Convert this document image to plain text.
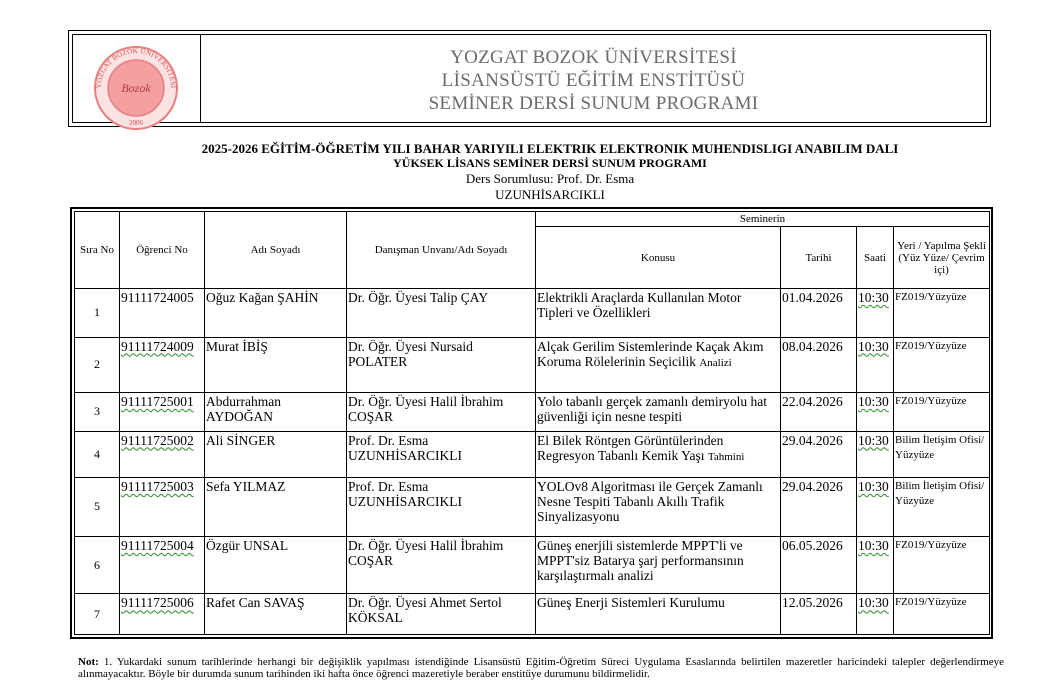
YOZGAT BOZOK ÜNİVERSİTESİ
Bozok
2006
YOZGAT BOZOK ÜNİVERSİTESİ
LİSANSÜSTÜ EĞİTİM ENSTİTÜSÜ
SEMİNER DERSİ SUNUM PROGRAMI
2025-2026 EĞİTİM-ÖĞRETİM YILI BAHAR YARIYILI ELEKTRIK ELEKTRONIK MUHENDISLIGI ANABILIM DALI
YÜKSEK LİSANS SEMİNER DERSİ SUNUM PROGRAMI
Ders Sorumlusu: Prof. Dr. Esma
UZUNHİSARCIKLI
Sıra No	Öğrenci No	Adı Soyadı	Danışman Unvanı/Adı Soyadı	Seminerin			
				Konusu	Tarihi	Saati	Yeri / Yapılma Şekli (Yüz Yüze/ Çevrim içi)
1	91111724005	Oğuz Kağan ŞAHİN	Dr. Öğr. Üyesi Talip ÇAY	Elektrikli Araçlarda Kullanılan Motor Tipleri ve Özellikleri	01.04.2026	10:30	FZ019/Yüzyüze
2	91111724009	Murat İBİŞ	Dr. Öğr. Üyesi Nursaid POLATER	Alçak Gerilim Sistemlerinde Kaçak Akım Koruma Rölelerinin Seçicilik Analizi	08.04.2026	10:30	FZ019/Yüzyüze
3	91111725001	Abdurrahman AYDOĞAN	Dr. Öğr. Üyesi Halil İbrahim COŞAR	Yolo tabanlı gerçek zamanlı demiryolu hat güvenliği için nesne tespiti	22.04.2026	10:30	FZ019/Yüzyüze
4	91111725002	Ali SİNGER	Prof. Dr. Esma UZUNHİSARCIKLI	El Bilek Röntgen Görüntülerinden Regresyon Tabanlı Kemik Yaşı Tahmini	29.04.2026	10:30	Bilim İletişim Ofisi/ Yüzyüze
5	91111725003	Sefa YILMAZ	Prof. Dr. Esma UZUNHİSARCIKLI	YOLOv8 Algoritması ile Gerçek Zamanlı Nesne Tespiti Tabanlı Akıllı Trafik Sinyalizasyonu	29.04.2026	10:30	Bilim İletişim Ofisi/ Yüzyüze
6	91111725004	Özgür UNSAL	Dr. Öğr. Üyesi Halil İbrahim COŞAR	Güneş enerjili sistemlerde MPPT'li ve MPPT'siz Batarya şarj performansının karşılaştırmalı analizi	06.05.2026	10:30	FZ019/Yüzyüze
7	91111725006	Rafet Can SAVAŞ	Dr. Öğr. Üyesi Ahmet Sertol KÖKSAL	Güneş Enerji Sistemleri Kurulumu	12.05.2026	10:30	FZ019/Yüzyüze
Not: 1. Yukardaki sunum tarihlerinde herhangi bir değişiklik yapılması istendiğinde Lisansüstü Eğitim-Öğretim Süreci Uygulama Esaslarında belirtilen mazeretler haricindeki talepler değerlendirmeye alınmayacaktır. Böyle bir durumda sunum tarihinden iki hafta önce öğrenci mazeretiyle beraber enstitüye durumunu bildirmelidir.
